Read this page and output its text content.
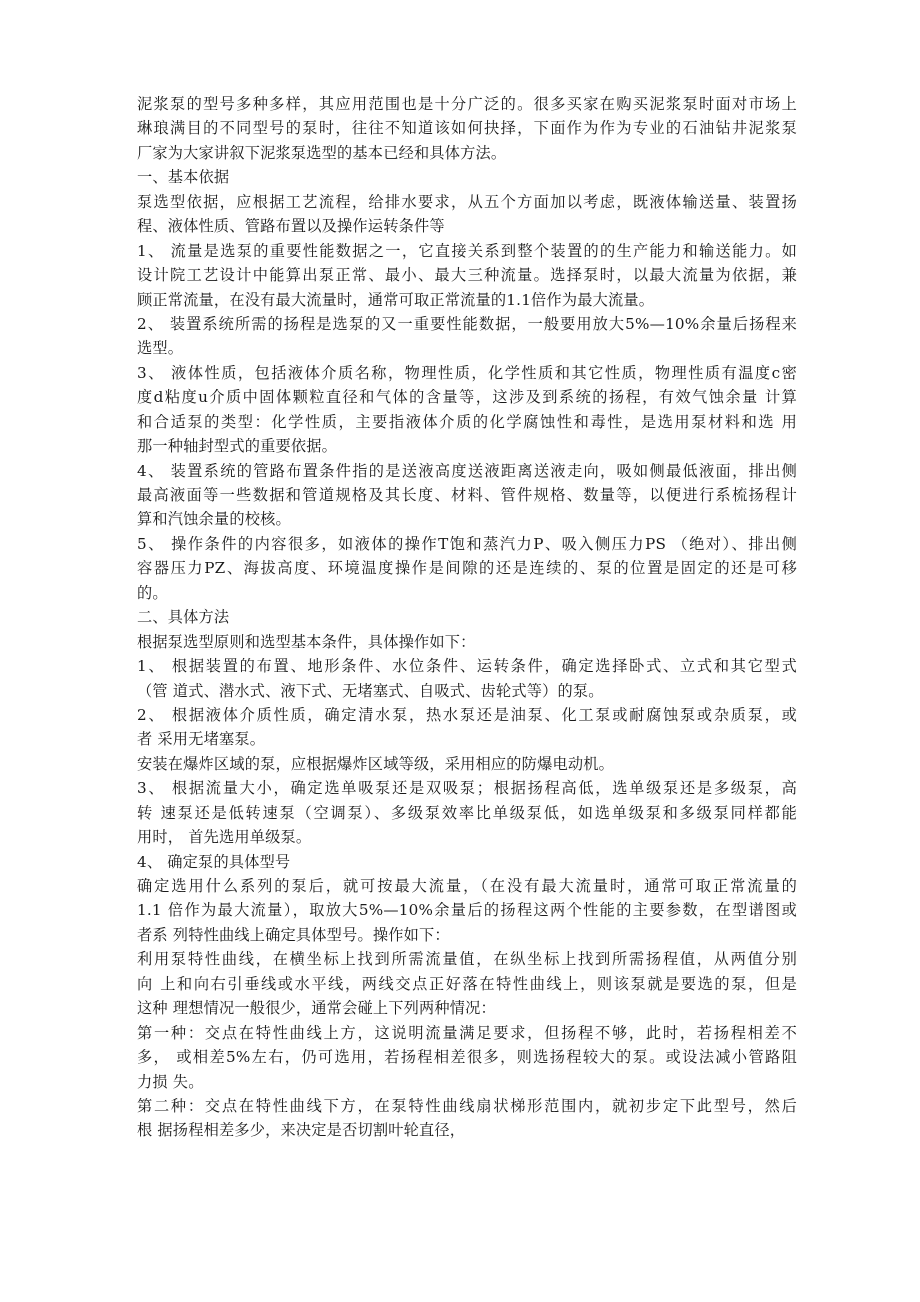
泥浆泵的型号多种多样，其应用范围也是十分广泛的。很多买家在购买泥浆泵时面对市场上
琳琅满目的不同型号的泵时，往往不知道该如何抉择，下面作为作为专业的石油钻井泥浆泵
厂家为大家讲叙下泥浆泵选型的基本已经和具体方法。
一、基本依据
泵选型依据，应根据工艺流程，给排水要求，从五个方面加以考虑，既液体输送量、装置扬
程、液体性质、管路布置以及操作运转条件等
1、 流量是选泵的重要性能数据之一，它直接关系到整个装置的的生产能力和输送能力。如
设计院工艺设计中能算出泵正常、最小、最大三种流量。选择泵时，以最大流量为依据，兼
顾正常流量，在没有最大流量时，通常可取正常流量的1.1倍作为最大流量。
2、 装置系统所需的扬程是选泵的又一重要性能数据，一般要用放大5%—10%余量后扬程来
选型。
3、 液体性质，包括液体介质名称，物理性质，化学性质和其它性质，物理性质有温度c密
度d粘度u介质中固体颗粒直径和气体的含量等，这涉及到系统的扬程，有效气蚀余量 计算
和合适泵的类型：化学性质，主要指液体介质的化学腐蚀性和毒性，是选用泵材料和选 用
那一种轴封型式的重要依据。
4、 装置系统的管路布置条件指的是送液高度送液距离送液走向，吸如侧最低液面，排出侧
最高液面等一些数据和管道规格及其长度、材料、管件规格、数量等，以便进行系梳扬程计
算和汽蚀余量的校核。
5、 操作条件的内容很多，如液体的操作T饱和蒸汽力P、吸入侧压力PS （绝对）、排出侧
容器压力PZ、海拔高度、环境温度操作是间隙的还是连续的、泵的位置是固定的还是可移
的。
二、具体方法
根据泵选型原则和选型基本条件，具体操作如下：
1、 根据装置的布置、地形条件、水位条件、运转条件，确定选择卧式、立式和其它型式
（管 道式、潜水式、液下式、无堵塞式、自吸式、齿轮式等）的泵。
2、 根据液体介质性质，确定清水泵，热水泵还是油泵、化工泵或耐腐蚀泵或杂质泵，或
者 采用无堵塞泵。
安装在爆炸区域的泵，应根据爆炸区域等级，采用相应的防爆电动机。
3、 根据流量大小，确定选单吸泵还是双吸泵；根据扬程高低，选单级泵还是多级泵，高
转 速泵还是低转速泵（空调泵）、多级泵效率比单级泵低，如选单级泵和多级泵同样都能
用时， 首先选用单级泵。
4、 确定泵的具体型号
确定选用什么系列的泵后，就可按最大流量，（在没有最大流量时，通常可取正常流量的
1.1 倍作为最大流量），取放大5%—10%余量后的扬程这两个性能的主要参数，在型谱图或
者系 列特性曲线上确定具体型号。操作如下：
利用泵特性曲线，在横坐标上找到所需流量值，在纵坐标上找到所需扬程值，从两值分别
向 上和向右引垂线或水平线，两线交点正好落在特性曲线上，则该泵就是要选的泵，但是
这种 理想情况一般很少，通常会碰上下列两种情况：
第一种：交点在特性曲线上方，这说明流量满足要求，但扬程不够，此时，若扬程相差不
多， 或相差5%左右，仍可选用，若扬程相差很多，则选扬程较大的泵。或设法减小管路阻
力损 失。
第二种：交点在特性曲线下方，在泵特性曲线扇状梯形范围内，就初步定下此型号，然后
根 据扬程相差多少，来决定是否切割叶轮直径，
